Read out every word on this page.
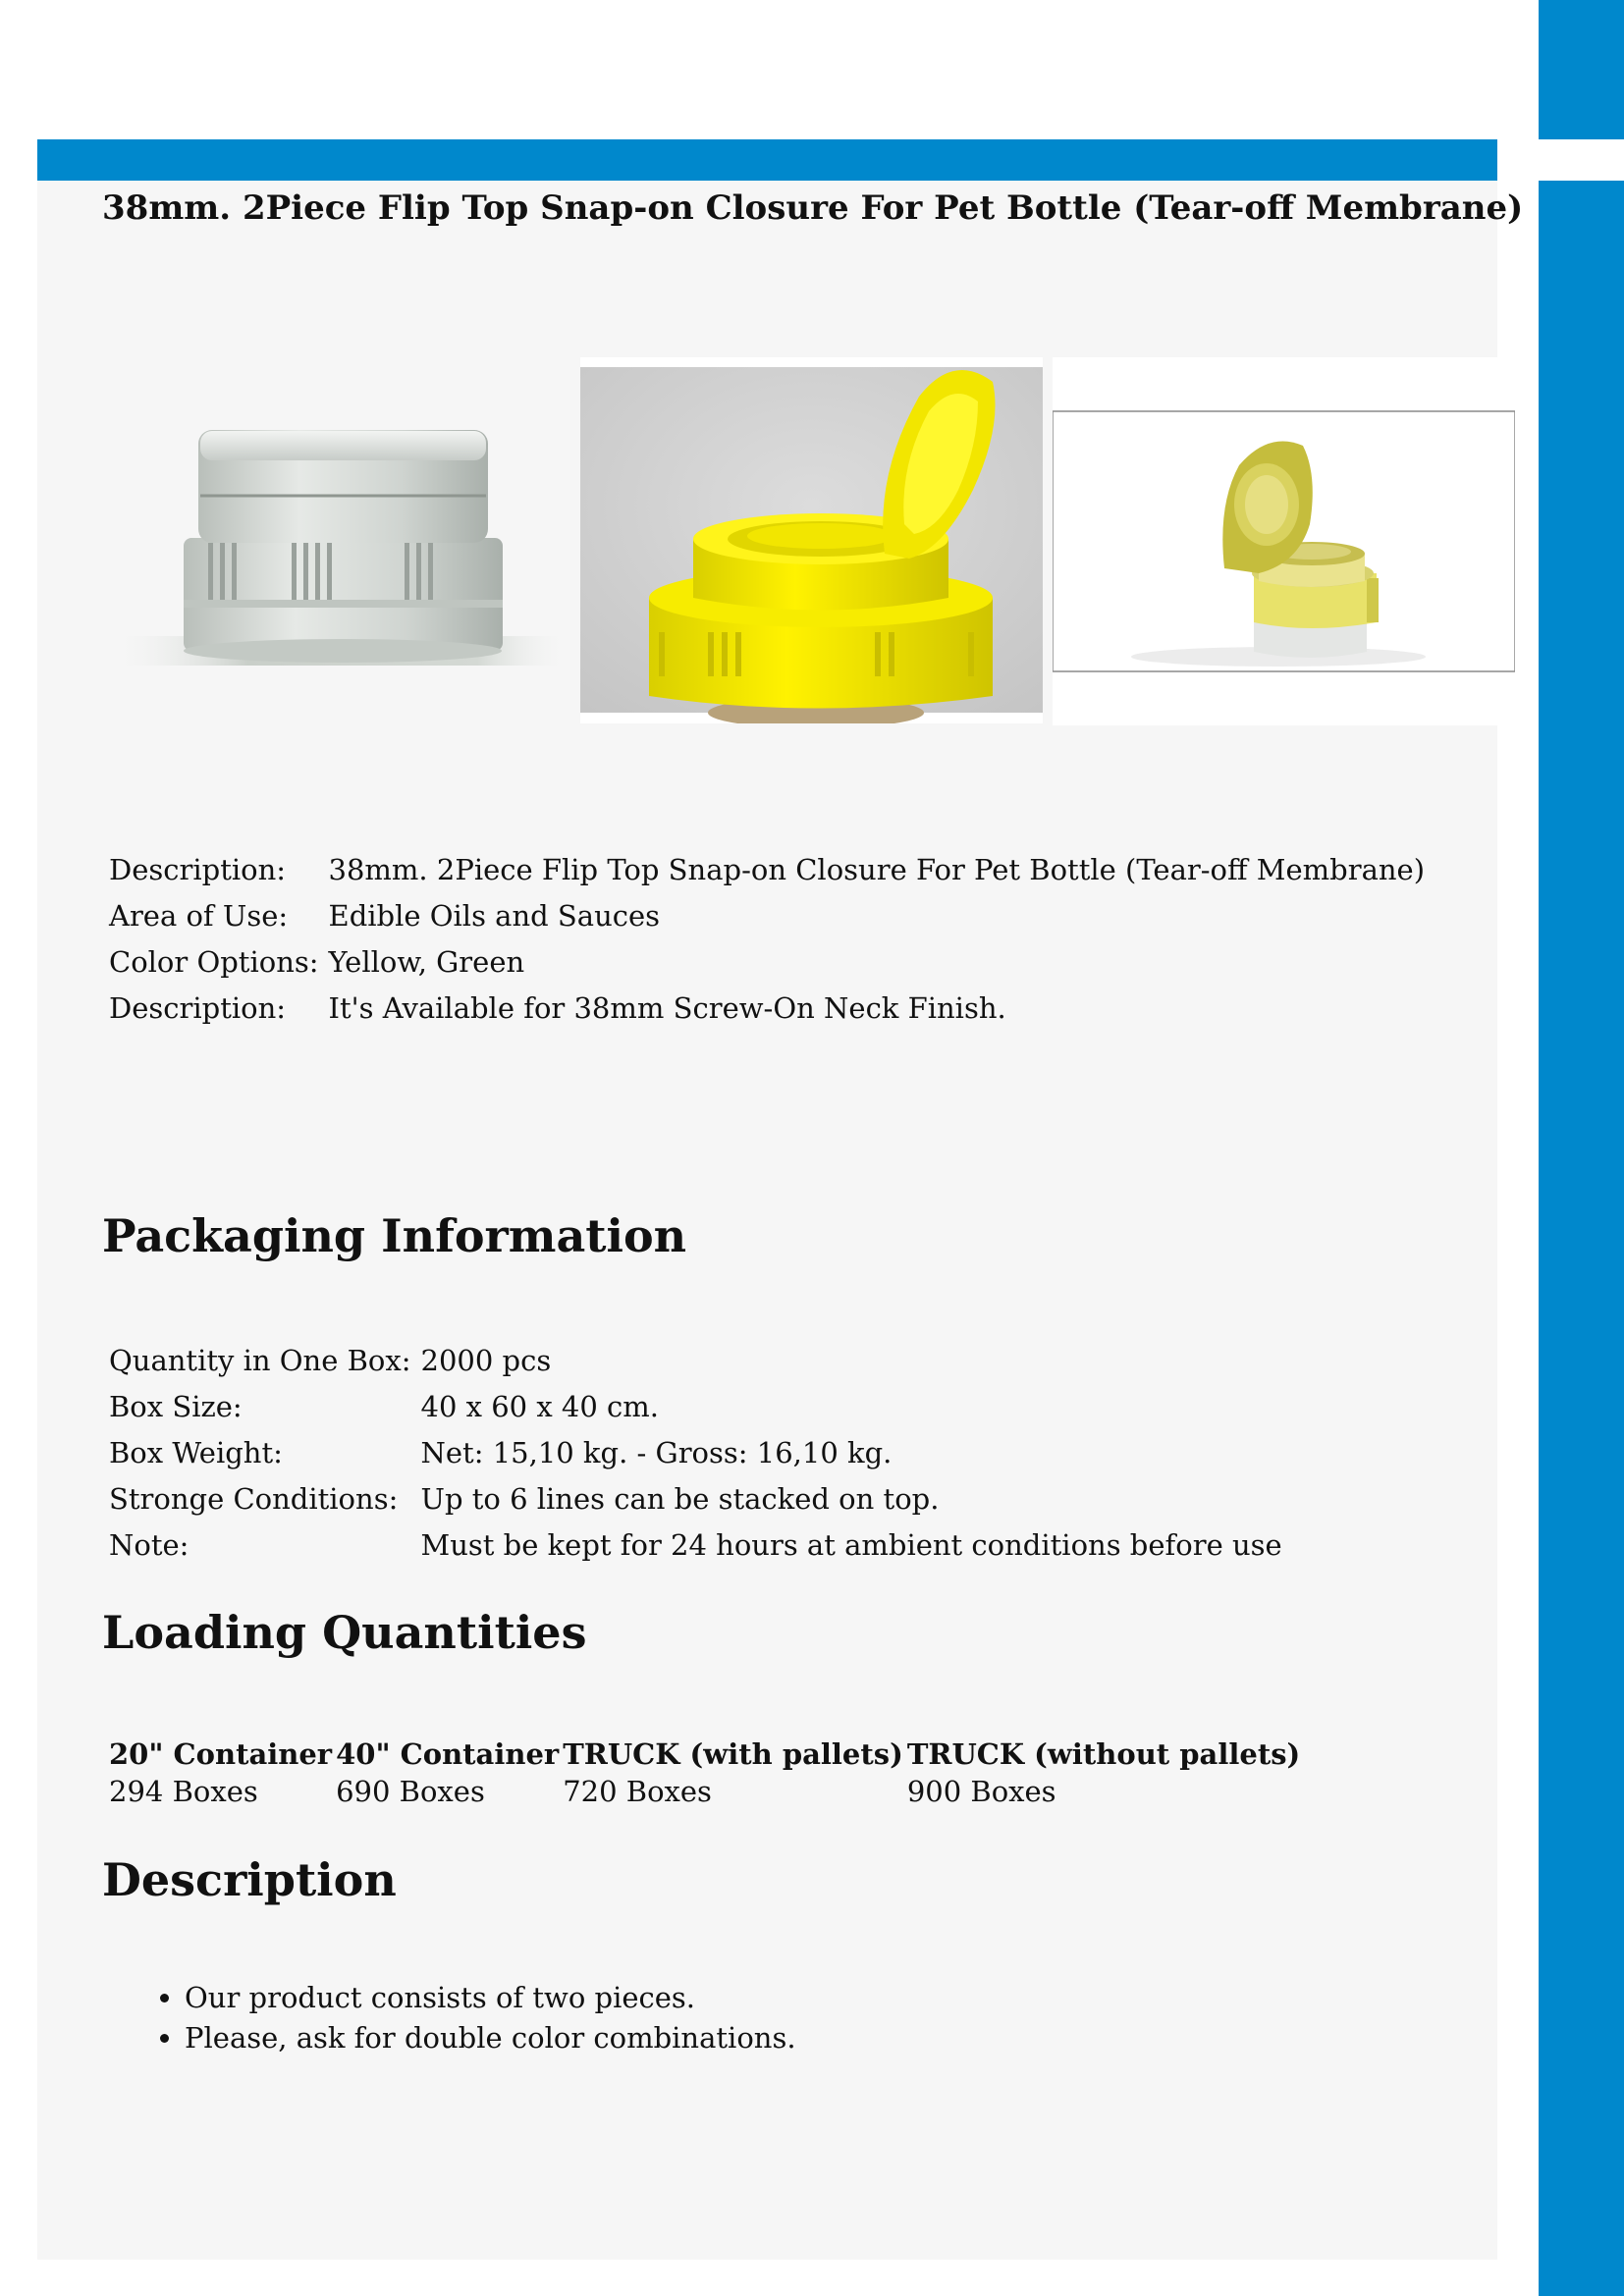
38mm. 2Piece Flip Top Snap-on Closure For Pet Bottle (Tear-off Membrane)
Description:	38mm. 2Piece Flip Top Snap-on Closure For Pet Bottle (Tear-off Membrane)
Area of Use:	Edible Oils and Sauces
Color Options:	Yellow, Green
Description:	It's Available for 38mm Screw-On Neck Finish.
Packaging Information
Quantity in One Box:	2000 pcs
Box Size:	40 x 60 x 40 cm.
Box Weight:	Net: 15,10 kg. - Gross: 16,10 kg.
Stronge Conditions:	Up to 6 lines can be stacked on top.
Note:	Must be kept for 24 hours at ambient conditions before use
Loading Quantities
20" Container	40" Container	TRUCK (with pallets)	TRUCK (without pallets)
294 Boxes	690 Boxes	720 Boxes	900 Boxes
Description
• Our product consists of two pieces.
• Please, ask for double color combinations.
